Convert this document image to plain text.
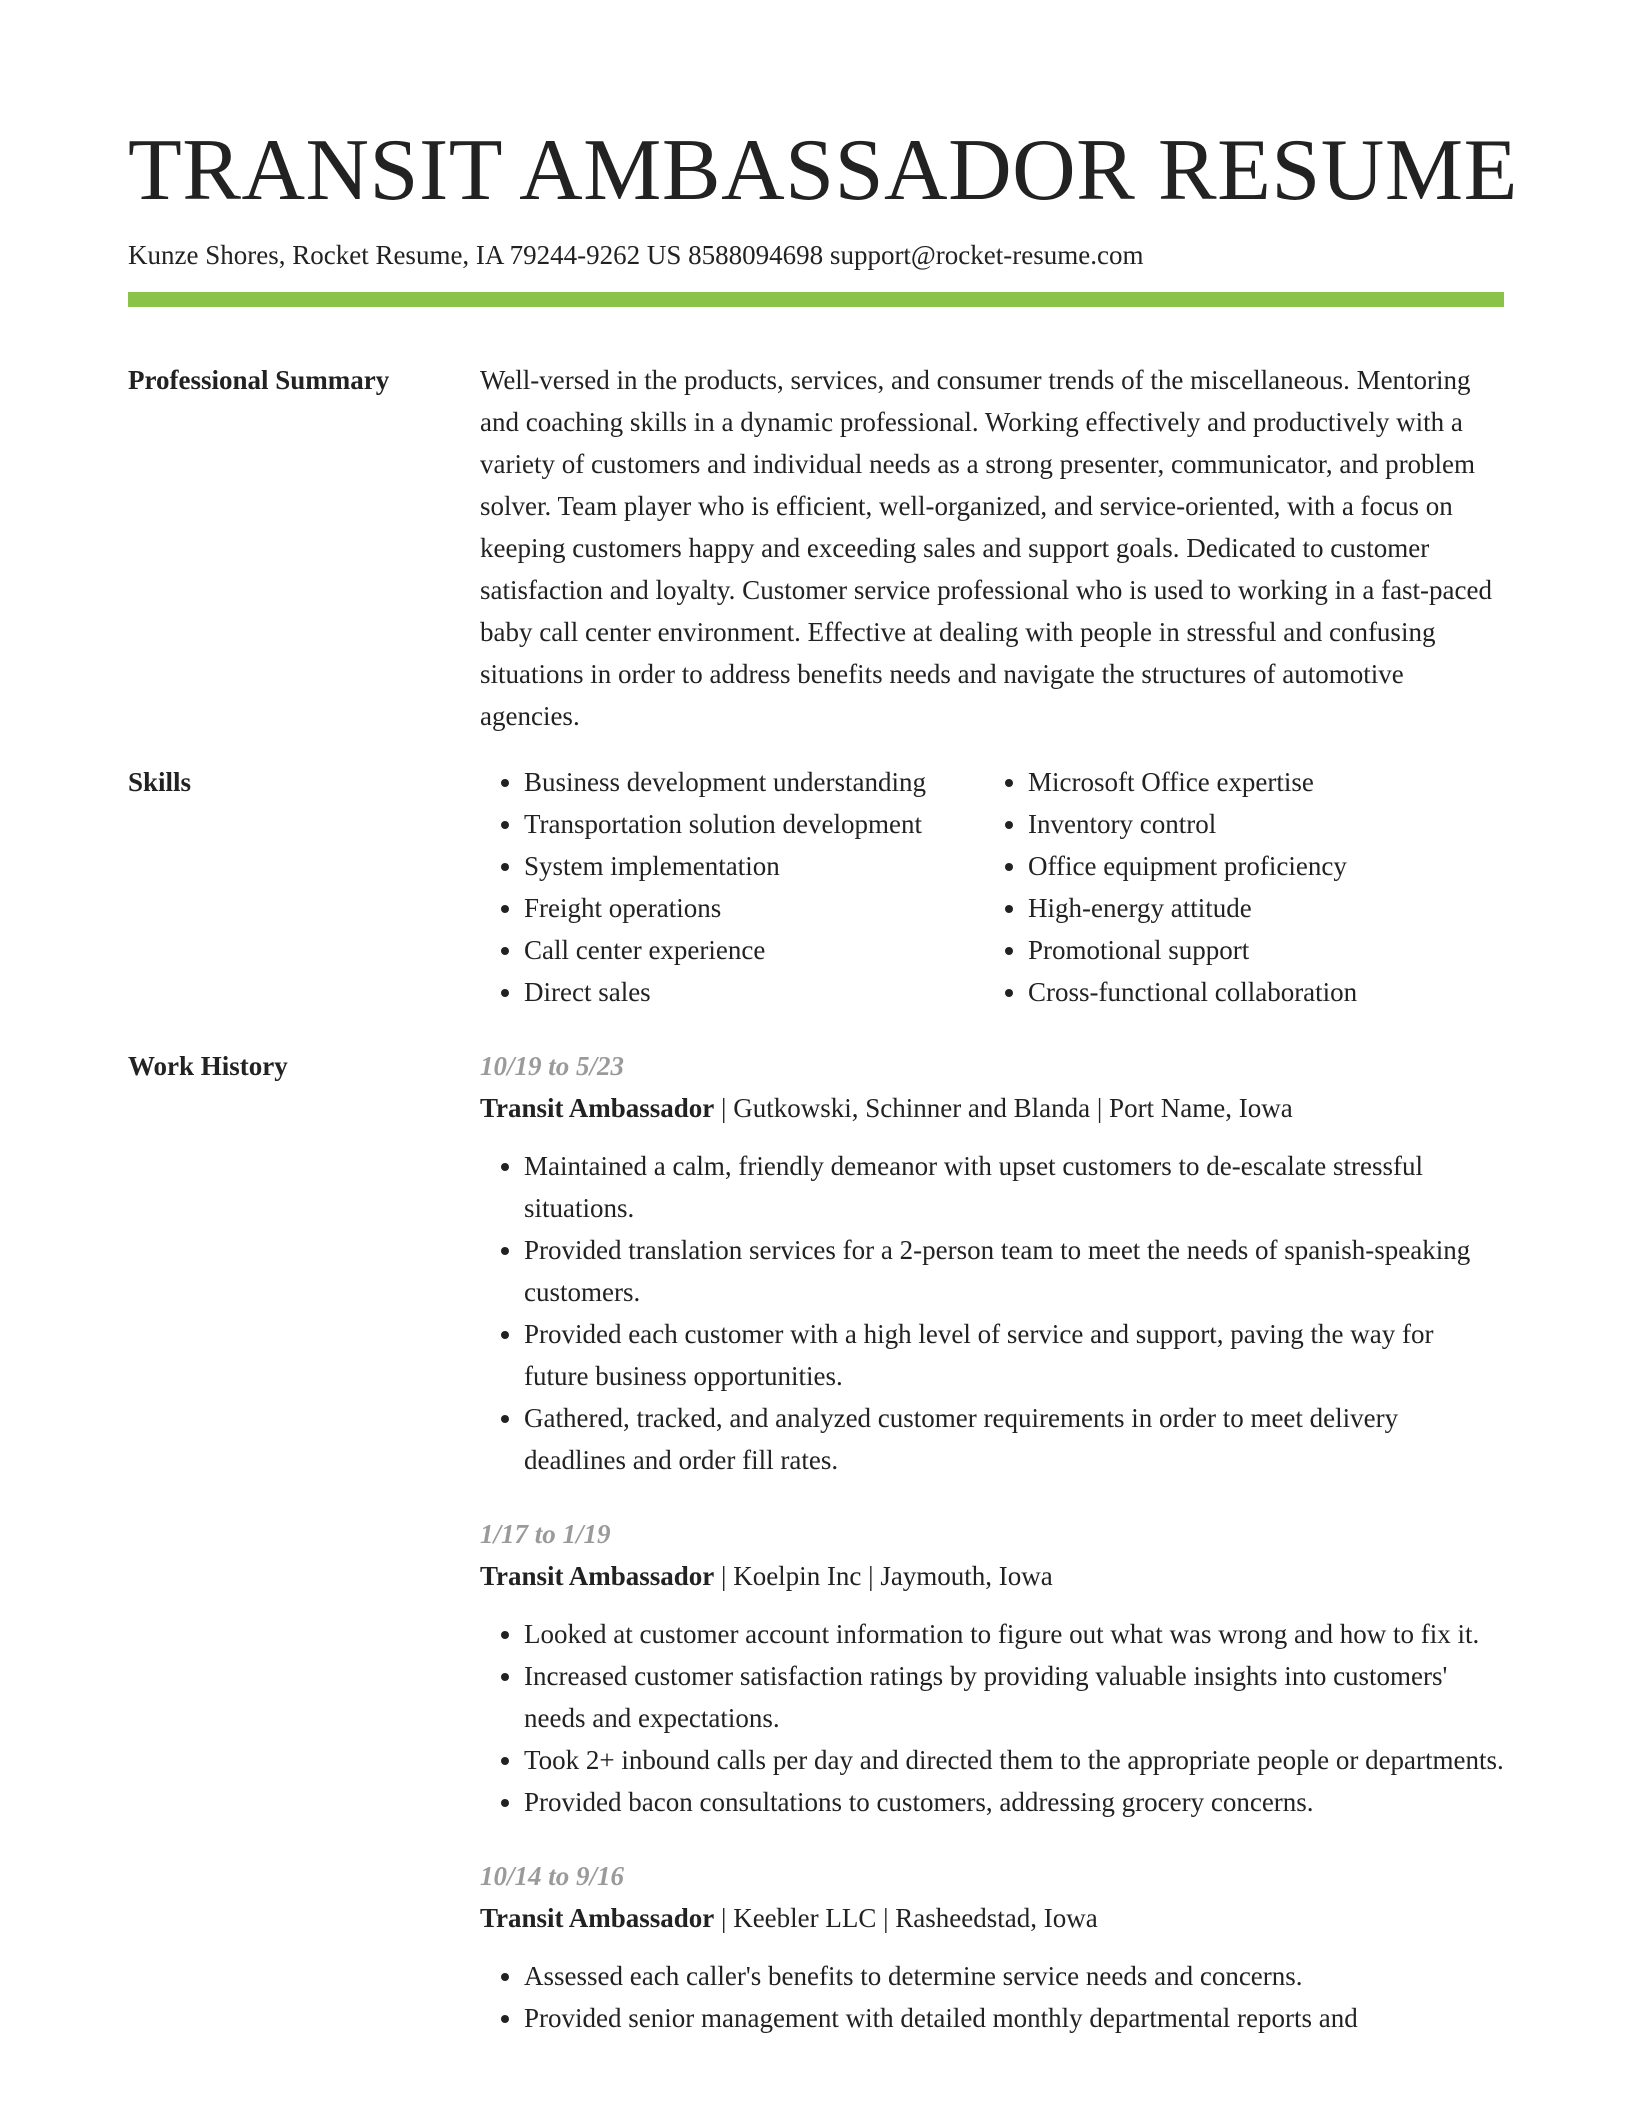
TRANSIT AMBASSADOR RESUME
Kunze Shores, Rocket Resume, IA 79244-9262 US 8588094698 support@rocket-resume.com
Professional Summary	Well-versed in the products, services, and consumer trends of the miscellaneous. Mentoring and coaching skills in a dynamic professional. Working effectively and productively with a variety of customers and individual needs as a strong presenter, communicator, and problem solver. Team player who is efficient, well-organized, and service-oriented, with a focus on keeping customers happy and exceeding sales and support goals. Dedicated to customer satisfaction and loyalty. Customer service professional who is used to working in a fast-paced baby call center environment. Effective at dealing with people in stressful and confusing situations in order to address benefits needs and navigate the structures of automotive agencies.

Skills
•	Business development understanding
• Transportation solution development
• System implementation
• Freight operations
• Call center experience
• Direct sales
• Microsoft Office expertise
• Inventory control
• Office equipment proficiency
• High-energy attitude
• Promotional support
• Cross-functional collaboration
Work History	10/19 to 5/23
Transit Ambassador | Gutkowski, Schinner and Blanda | Port Name, Iowa
• Maintained a calm, friendly demeanor with upset customers to de-escalate stressful situations.
• Provided translation services for a 2-person team to meet the needs of spanish-speaking customers.
• Provided each customer with a high level of service and support, paving the way for future business opportunities.
• Gathered, tracked, and analyzed customer requirements in order to meet delivery deadlines and order fill rates.
1/17 to 1/19
Transit Ambassador | Koelpin Inc | Jaymouth, Iowa
• Looked at customer account information to figure out what was wrong and how to fix it.
• Increased customer satisfaction ratings by providing valuable insights into customers' needs and expectations.
• Took 2+ inbound calls per day and directed them to the appropriate people or departments.
• Provided bacon consultations to customers, addressing grocery concerns.
10/14 to 9/16
Transit Ambassador | Keebler LLC | Rasheedstad, Iowa
• Assessed each caller's benefits to determine service needs and concerns.
• Provided senior management with detailed monthly departmental reports and
